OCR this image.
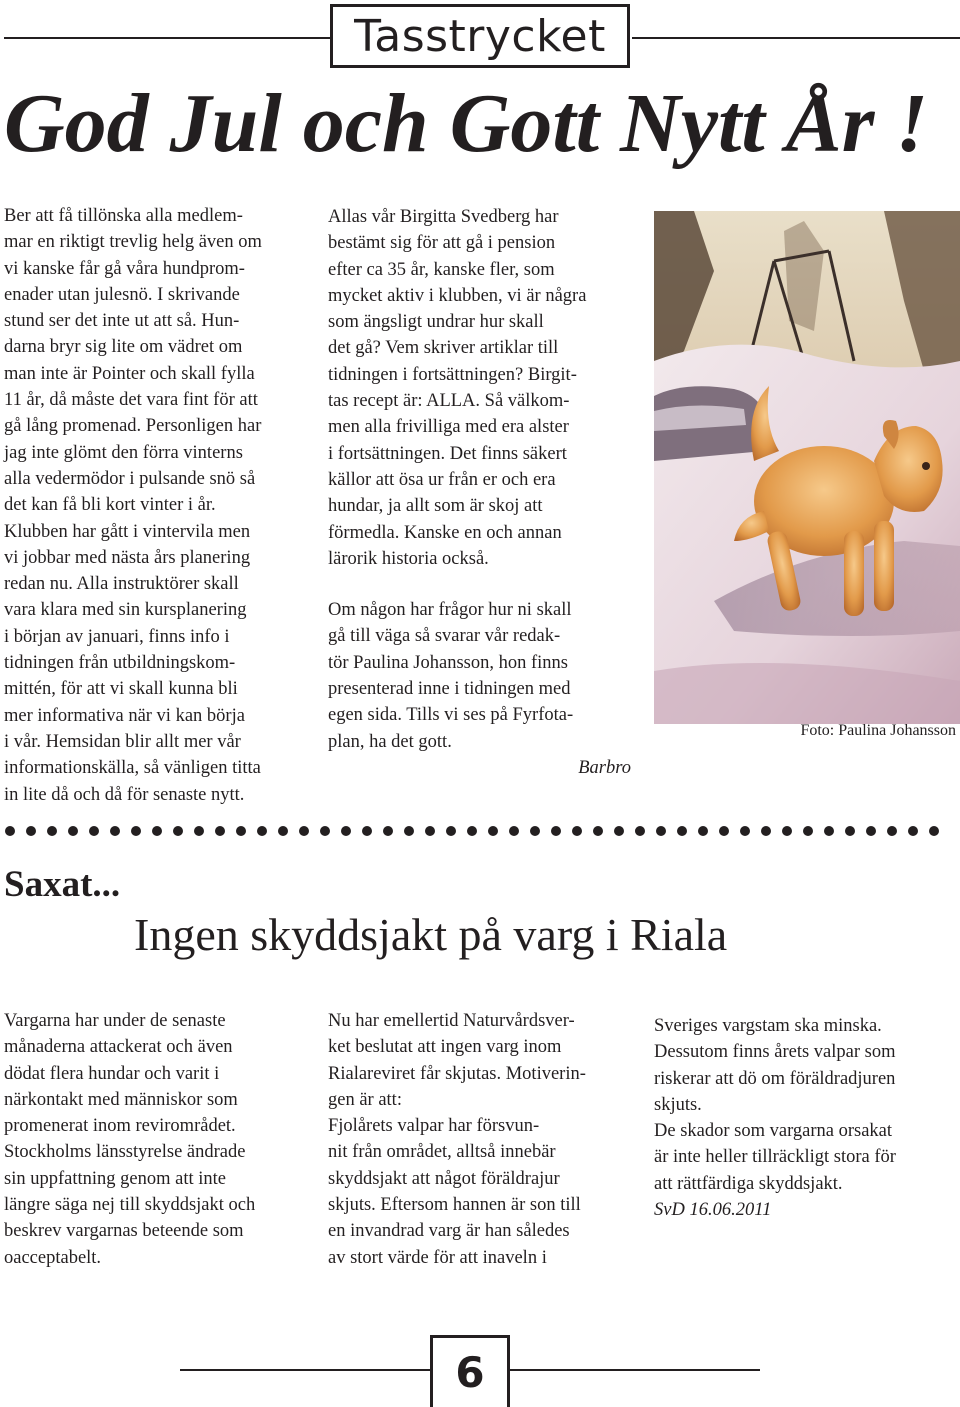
Tasstrycket
God Jul och Gott Nytt År !

Ber att få tillönska alla medlem-

mar en riktigt trevlig helg även om

vi kanske får gå våra hundprom-

enader utan julesnö. I skrivande

stund ser det inte ut att så. Hun-

darna bryr sig lite om vädret om

man inte är Pointer och skall fylla

11 år, då måste det vara fint för att

gå lång promenad. Personligen har

jag inte glömt den förra vinterns

alla vedermödor i pulsande snö så

det kan få bli kort vinter i år.

Klubben har gått i vintervila men

vi jobbar med nästa års planering

redan nu. Alla instruktörer skall

vara klara med sin kursplanering

i början av januari, finns info i

tidningen från utbildningskom-

mittén, för att vi skall kunna bli

mer informativa när vi kan börja

i vår. Hemsidan blir allt mer vår

informationskälla, så vänligen titta

in lite då och då för senaste nytt.

Allas vår Birgitta Svedberg har

bestämt sig för att gå i pension

efter ca 35 år, kanske fler, som

mycket aktiv i klubben, vi är några

som ängsligt undrar hur skall

det gå? Vem skriver artiklar till

tidningen i fortsättningen? Birgit-

tas recept är: ALLA. Så välkom-

men alla frivilliga med era alster

i fortsättningen. Det finns säkert

källor att ösa ur från er och era

hundar, ja allt som är skoj att

förmedla. Kanske en och annan

lärorik historia också.

Om någon har frågor hur ni skall

gå till väga så svarar vår redak-

tör Paulina Johansson, hon finns

presenterad inne i tidningen med

egen sida. Tills vi ses på Fyrfota-

plan, ha det gott.

Barbro

Foto: Paulina Johansson
Saxat...
Ingen skyddsjakt på varg i Riala

Vargarna har under de senaste

månaderna attackerat och även

dödat flera hundar och varit i

närkontakt med människor som

promenerat inom revirområdet.

Stockholms länsstyrelse ändrade

sin uppfattning genom att inte

längre säga nej till skyddsjakt och

beskrev vargarnas beteende som

oacceptabelt.

Nu har emellertid Naturvårdsver-

ket beslutat att ingen varg inom

Rialareviret får skjutas. Motiverin-

gen är att:

Fjolårets valpar har försvun-

nit från området, alltså innebär

skyddsjakt att något föräldrajur

skjuts. Eftersom hannen är son till

en invandrad varg är han således

av stort värde för att inaveln i

Sveriges vargstam ska minska.

Dessutom finns årets valpar som

riskerar att dö om föräldradjuren

skjuts.

De skador som vargarna orsakat

är inte heller tillräckligt stora för

att rättfärdiga skyddsjakt.

SvD 16.06.2011

6
